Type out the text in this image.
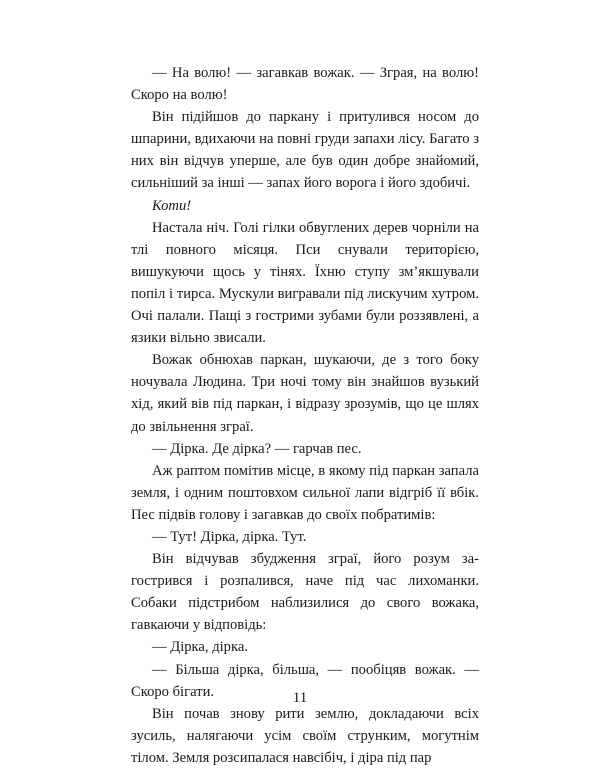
— На волю! — загавкав вожак. — Зграя, на волю! Скоро на волю!

Він підійшов до паркану і притулився носом до шпарини, вдихаючи на повні груди запахи лісу. Багато з них він відчув уперше, але був один добре знайомий, сильніший за інші — запах його ворога і його здобичі.

Коти!

Настала ніч. Голі гілки обвуглених дерев чорніли на тлі повного місяця. Пси снували територією, вишукуючи щось у тінях. Їхню ступу зм’якшували попіл і тирса. Мускули вигравали під лискучим хутром. Очі палали. Пащі з гострими зубами були роззявлені, а язики вільно звисали.

Вожак обнюхав паркан, шукаючи, де з того боку ночувала Людина. Три ночі тому він знайшов вузький хід, який вів під паркан, і відразу зрозумів, що це шлях до звільнення зграї.

— Дірка. Де дірка? — гарчав пес.

Аж раптом помітив місце, в якому під паркан запала земля, і одним поштовхом сильної лапи відгріб її вбік. Пес підвів голову і загавкав до своїх побратимів:

— Тут! Дірка, дірка. Тут.

Він відчував збудження зграї, його розум загострився і розпалився, наче під час лихоманки. Собаки підстрибом наблизилися до свого вожака, гавкаючи у відповідь:

— Дірка, дірка.

— Більша дірка, більша, — пообіцяв вожак. — Скоро бігати.

Він почав знову рити землю, докладаючи всіх зусиль, налягаючи усім своїм струнким, могутнім тілом. Земля розсипалася навсібіч, і діра під пар

11
